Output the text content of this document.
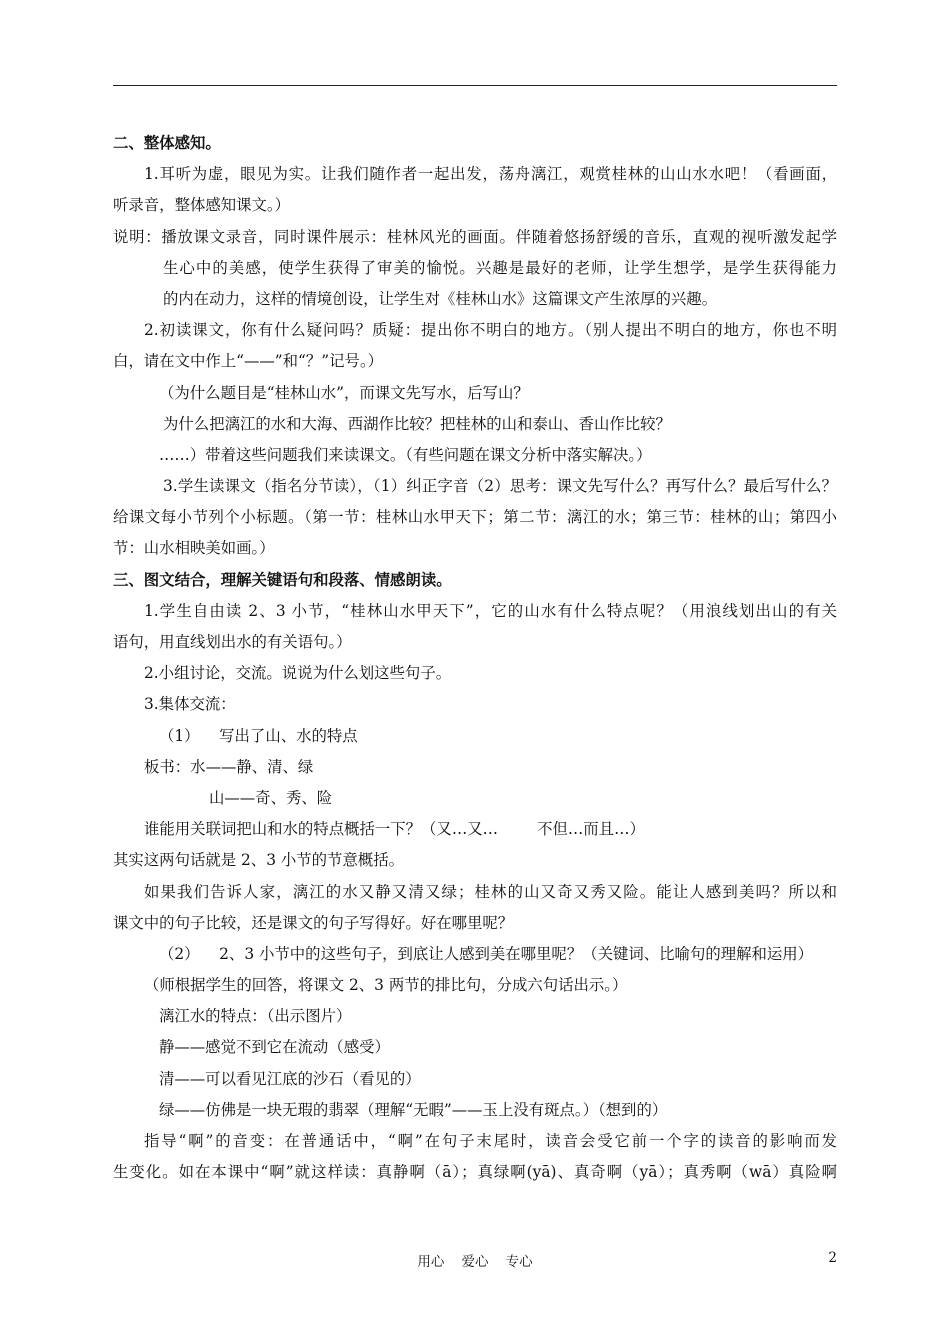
二、整体感知。

1.耳听为虚，眼见为实。让我们随作者一起出发，荡舟漓江，观赏桂林的山山水水吧！（看画面，

听录音，整体感知课文。）

说明：播放课文录音，同时课件展示：桂林风光的画面。伴随着悠扬舒缓的音乐，直观的视听激发起学

生心中的美感，使学生获得了审美的愉悦。兴趣是最好的老师，让学生想学，是学生获得能力

的内在动力，这样的情境创设，让学生对《桂林山水》这篇课文产生浓厚的兴趣。

2.初读课文，你有什么疑问吗？质疑：提出你不明白的地方。（别人提出不明白的地方，你也不明

白，请在文中作上“——”和“？”记号。）

（为什么题目是“桂林山水”，而课文先写水，后写山？

为什么把漓江的水和大海、西湖作比较？把桂林的山和泰山、香山作比较？

……）带着这些问题我们来读课文。（有些问题在课文分析中落实解决。）

3.学生读课文（指名分节读），（1）纠正字音（2）思考：课文先写什么？再写什么？最后写什么？

给课文每小节列个小标题。（第一节：桂林山水甲天下；第二节：漓江的水；第三节：桂林的山；第四小

节：山水相映美如画。）

三、图文结合，理解关键语句和段落、情感朗读。

1.学生自由读 2、3 小节，“桂林山水甲天下”，它的山水有什么特点呢？（用浪线划出山的有关

语句，用直线划出水的有关语句。）

2.小组讨论，交流。说说为什么划这些句子。

3.集体交流：

（1）    写出了山、水的特点

板书：水——静、清、绿

山——奇、秀、险

谁能用关联词把山和水的特点概括一下？（又…又…        不但…而且…）

其实这两句话就是 2、3 小节的节意概括。

如果我们告诉人家，漓江的水又静又清又绿；桂林的山又奇又秀又险。能让人感到美吗？所以和

课文中的句子比较，还是课文的句子写得好。好在哪里呢？

（2）    2、3 小节中的这些句子，到底让人感到美在哪里呢？（关键词、比喻句的理解和运用）

（师根据学生的回答，将课文 2、3 两节的排比句，分成六句话出示。）

漓江水的特点：（出示图片）

静——感觉不到它在流动（感受）

清——可以看见江底的沙石（看见的）

绿——仿佛是一块无瑕的翡翠（理解“无暇”——玉上没有斑点。）（想到的）

指导“啊”的音变：在普通话中，“啊”在句子末尾时，读音会受它前一个字的读音的影响而发

生变化。如在本课中“啊”就这样读：真静啊（ā）；真绿啊(yā)、真奇啊（yā）；真秀啊（wā）真险啊

用心    爱心    专心	2
